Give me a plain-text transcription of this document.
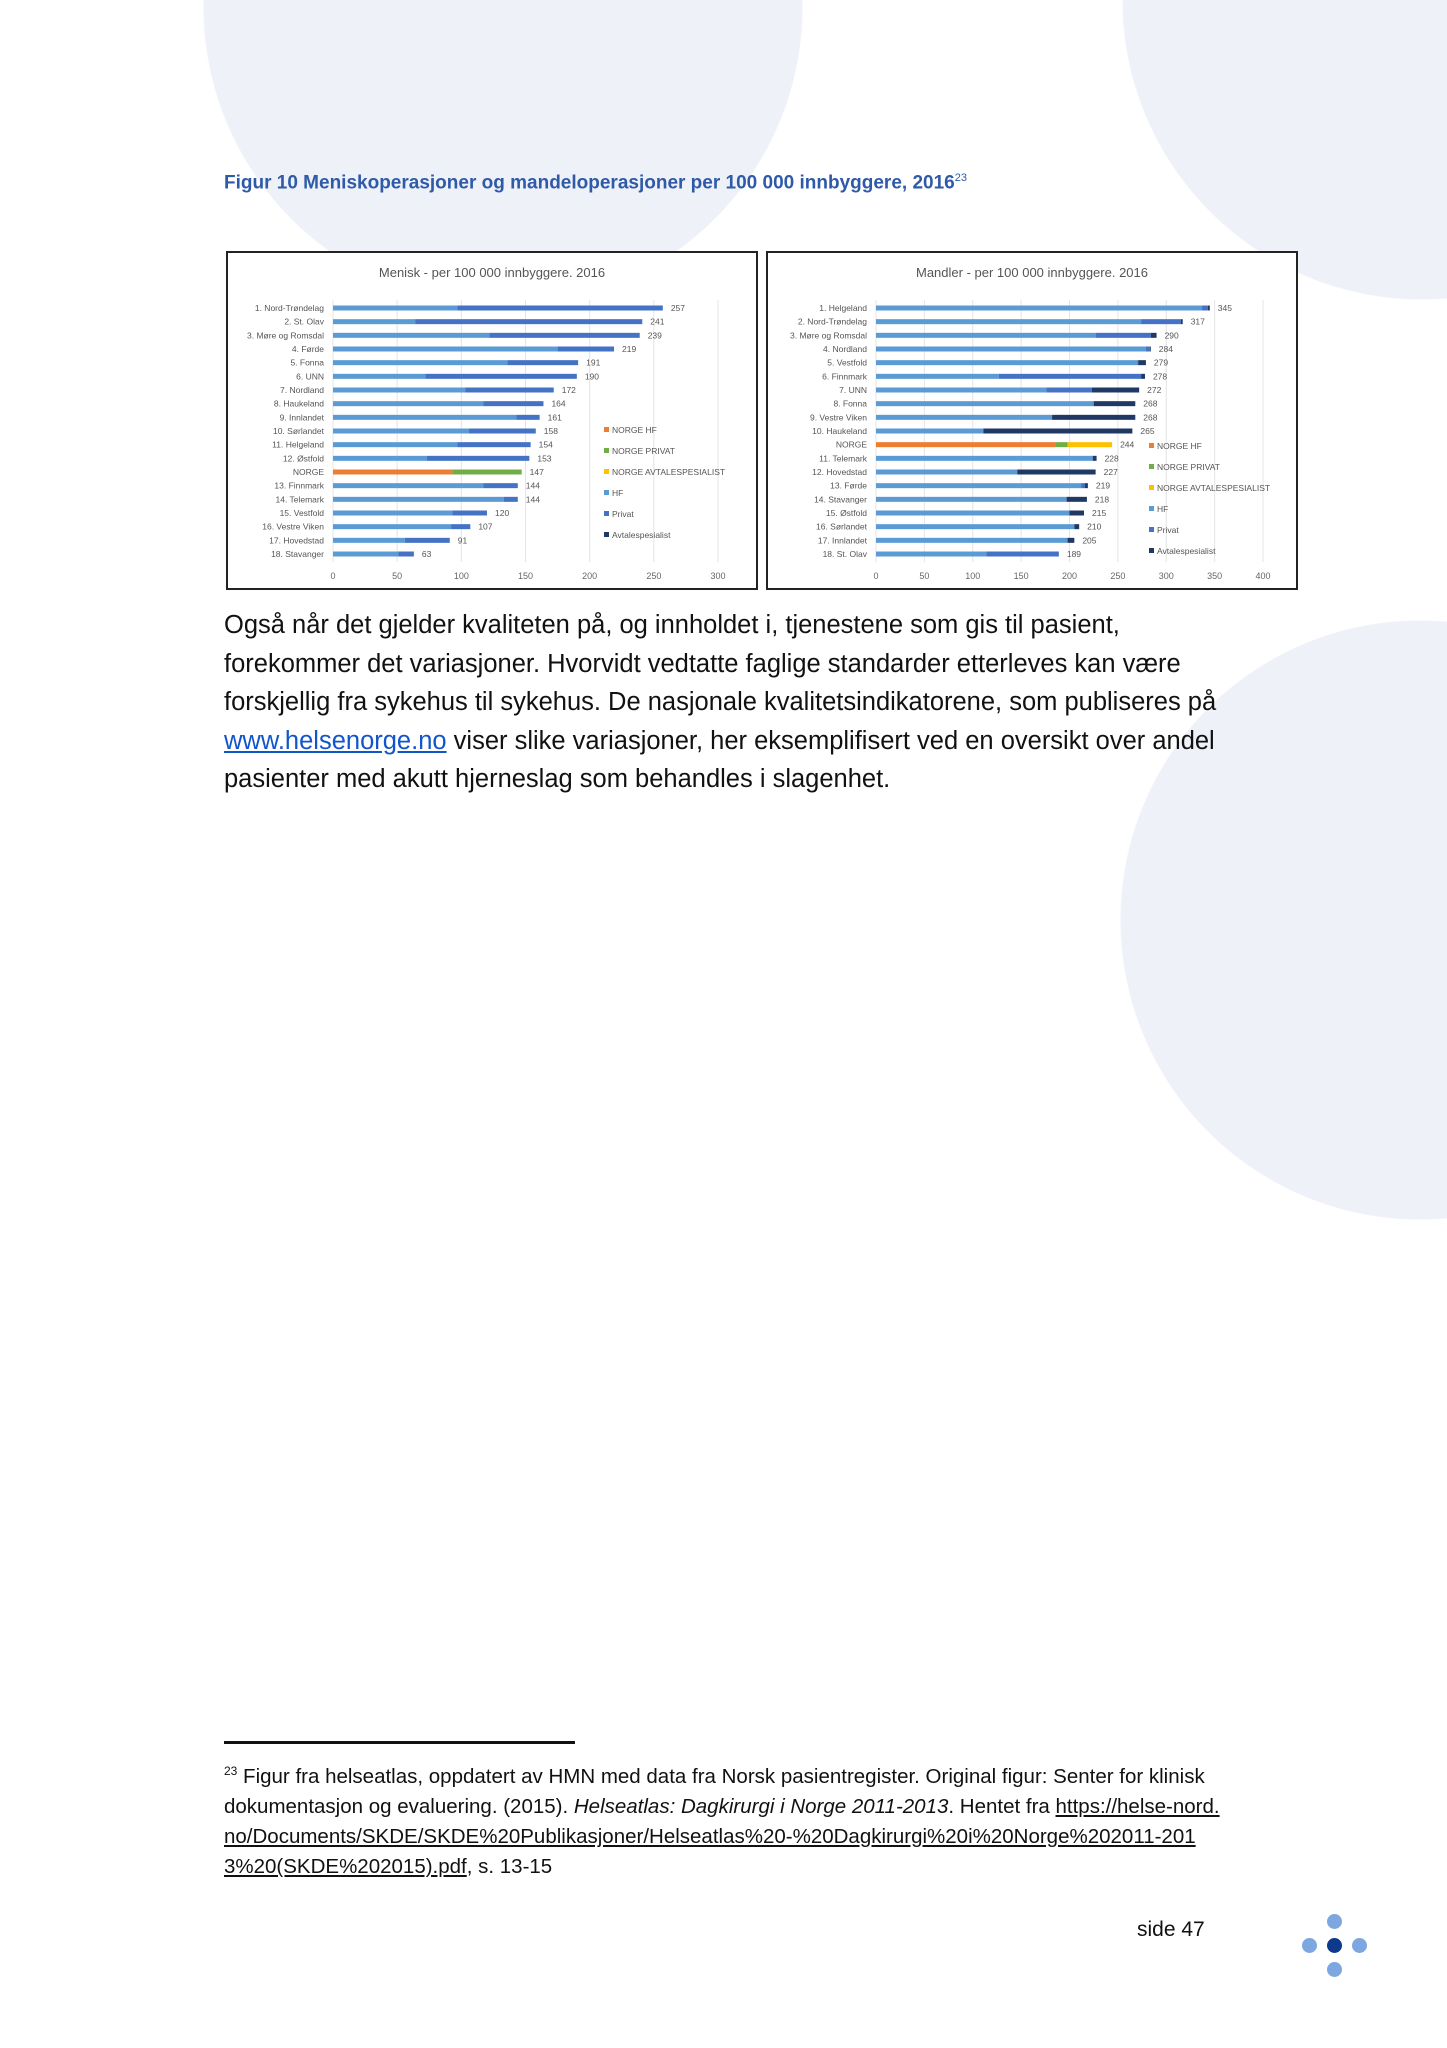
Figur 10 Meniskoperasjoner og mandeloperasjoner per 100 000 innbyggere, 2016$^{23}$
Menisk - per 100 000 innbyggere. 2016
0	50	100	150	200	250	300
1. Nord-Trøndelag	257
2. St. Olav	241
3. Møre og Romsdal	239
4. Førde	219
5. Fonna	191
6. UNN	190
7. Nordland	172
8. Haukeland	164
9. Innlandet	161
10. Sørlandet	158
11. Helgeland	154
12. Østfold	153
NORGE	147
13. Finnmark	144
14. Telemark	144
15. Vestfold	120
16. Vestre Viken	107
17. Hovedstad	91
18. Stavanger	63
NORGE HF
NORGE PRIVAT
NORGE AVTALESPESIALIST
HF
Privat
Avtalespesialist
Mandler - per 100 000 innbyggere. 2016
0	50	100	150	200	250	300	350	400
1. Helgeland	345
2. Nord-Trøndelag	317
3. Møre og Romsdal	290
4. Nordland	284
5. Vestfold	279
6. Finnmark	278
7. UNN	272
8. Fonna	268
9. Vestre Viken	268
10. Haukeland	265
NORGE	244
11. Telemark	228
12. Hovedstad	227
13. Førde	219
14. Stavanger	218
15. Østfold	215
16. Sørlandet	210
17. Innlandet	205
18. St. Olav	189
NORGE HF
NORGE PRIVAT
NORGE AVTALESPESIALIST
HF
Privat
Avtalespesialist
Også når det gjelder kvaliteten på, og innholdet i, tjenestene som gis til pasient, forekommer det variasjoner. Hvorvidt vedtatte faglige standarder etterleves kan være forskjellig fra sykehus til sykehus. De nasjonale kvalitetsindikatorene, som publiseres på www.helsenorge.no viser slike variasjoner, her eksemplifisert ved en oversikt over andel pasienter med akutt hjerneslag som behandles i slagenhet.
$^{23}$ Figur fra helseatlas, oppdatert av HMN med data fra Norsk pasientregister. Original figur: Senter for klinisk dokumentasjon og evaluering. (2015). Helseatlas: Dagkirurgi i Norge 2011-2013. Hentet fra https://helse-nord.no/Documents/SKDE/SKDE%20Publikasjoner/Helseatlas%20-%20Dagkirurgi%20i%20Norge%202011-2013%20(SKDE%202015).pdf, s. 13-15
side 47
